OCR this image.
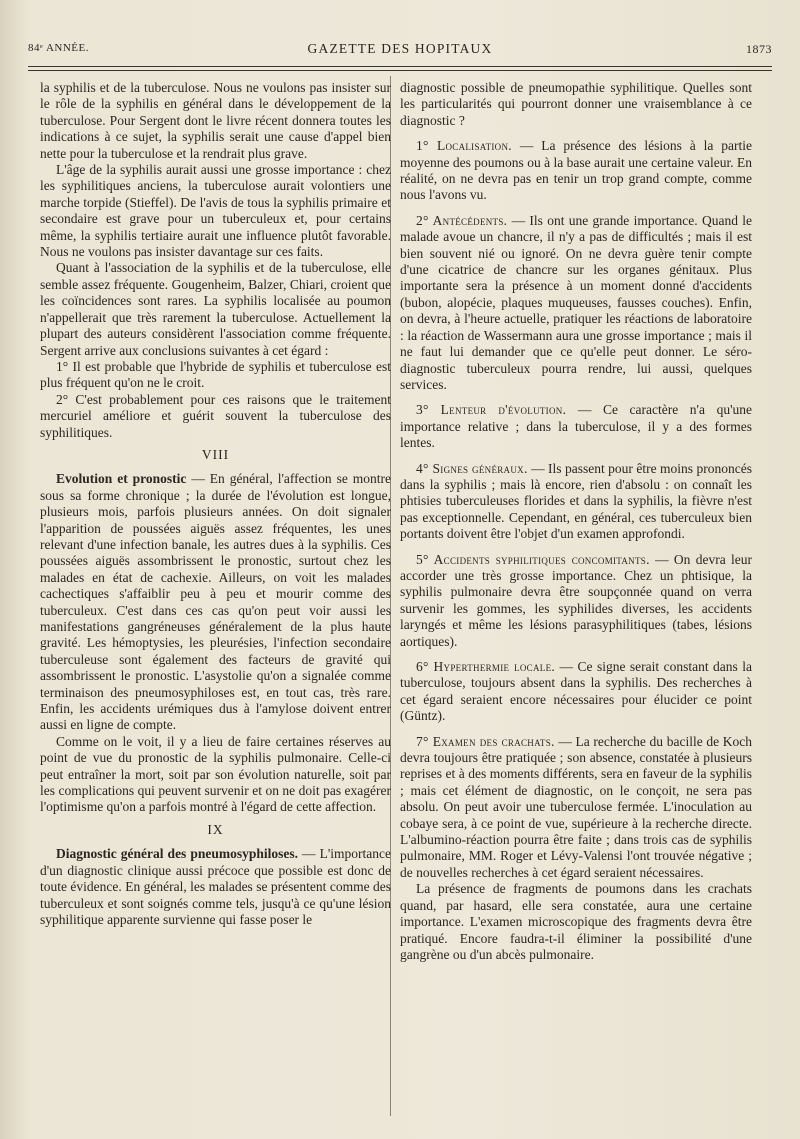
84ᵉ ANNÉE.	GAZETTE DES HOPITAUX	1873

la syphilis et de la tuberculose. Nous ne voulons pas insister sur le rôle de la syphilis en général dans le développement de la tuberculose. Pour Sergent dont le livre récent donnera toutes les indications à ce sujet, la syphilis serait une cause d'appel bien nette pour la tuberculose et la rendrait plus grave.

L'âge de la syphilis aurait aussi une grosse importance : chez les syphilitiques anciens, la tuberculose aurait volontiers une marche torpide (Stieffel). De l'avis de tous la syphilis primaire et secondaire est grave pour un tuberculeux et, pour certains même, la syphilis tertiaire aurait une influence plutôt favorable. Nous ne voulons pas insister davantage sur ces faits.

Quant à l'association de la syphilis et de la tuberculose, elle semble assez fréquente. Gougenheim, Balzer, Chiari, croient que les coïncidences sont rares. La syphilis localisée au poumon n'appellerait que très rarement la tuberculose. Actuellement la plupart des auteurs considèrent l'association comme fréquente. Sergent arrive aux conclusions suivantes à cet égard :

1° Il est probable que l'hybride de syphilis et tuberculose est plus fréquent qu'on ne le croit.

2° C'est probablement pour ces raisons que le traitement mercuriel améliore et guérit souvent la tuberculose des syphilitiques.

VIII

Evolution et pronostic — En général, l'affection se montre sous sa forme chronique ; la durée de l'évolution est longue, plusieurs mois, parfois plusieurs années. On doit signaler l'apparition de poussées aiguës assez fréquentes, les unes relevant d'une infection banale, les autres dues à la syphilis. Ces poussées aiguës assombrissent le pronostic, surtout chez les malades en état de cachexie. Ailleurs, on voit les malades cachectiques s'affaiblir peu à peu et mourir comme des tuberculeux. C'est dans ces cas qu'on peut voir aussi les manifestations gangréneuses généralement de la plus haute gravité. Les hémoptysies, les pleurésies, l'infection secondaire tuberculeuse sont également des facteurs de gravité qui assombrissent le pronostic. L'asystolie qu'on a signalée comme terminaison des pneumosyphiloses est, en tout cas, très rare. Enfin, les accidents urémiques dus à l'amylose doivent entrer aussi en ligne de compte.

Comme on le voit, il y a lieu de faire certaines réserves au point de vue du pronostic de la syphilis pulmonaire. Celle-ci peut entraîner la mort, soit par son évolution naturelle, soit par les complications qui peuvent survenir et on ne doit pas exagérer l'optimisme qu'on a parfois montré à l'égard de cette affection.

IX

Diagnostic général des pneumosyphiloses. — L'importance d'un diagnostic clinique aussi précoce que possible est donc de toute évidence. En général, les malades se présentent comme des tuberculeux et sont soignés comme tels, jusqu'à ce qu'une lésion syphilitique apparente survienne qui fasse poser le

diagnostic possible de pneumopathie syphilitique. Quelles sont les particularités qui pourront donner une vraisemblance à ce diagnostic ?

1° Localisation. — La présence des lésions à la partie moyenne des poumons ou à la base aurait une certaine valeur. En réalité, on ne devra pas en tenir un trop grand compte, comme nous l'avons vu.

2° Antécédents. — Ils ont une grande importance. Quand le malade avoue un chancre, il n'y a pas de difficultés ; mais il est bien souvent nié ou ignoré. On ne devra guère tenir compte d'une cicatrice de chancre sur les organes génitaux. Plus importante sera la présence à un moment donné d'accidents (bubon, alopécie, plaques muqueuses, fausses couches). Enfin, on devra, à l'heure actuelle, pratiquer les réactions de laboratoire : la réaction de Wassermann aura une grosse importance ; mais il ne faut lui demander que ce qu'elle peut donner. Le séro-diagnostic tuberculeux pourra rendre, lui aussi, quelques services.

3° Lenteur d'évolution. — Ce caractère n'a qu'une importance relative ; dans la tuberculose, il y a des formes lentes.

4° Signes généraux. — Ils passent pour être moins prononcés dans la syphilis ; mais là encore, rien d'absolu : on connaît les phtisies tuberculeuses florides et dans la syphilis, la fièvre n'est pas exceptionnelle. Cependant, en général, ces tuberculeux bien portants doivent être l'objet d'un examen approfondi.

5° Accidents syphilitiques concomitants. — On devra leur accorder une très grosse importance. Chez un phtisique, la syphilis pulmonaire devra être soupçonnée quand on verra survenir les gommes, les syphilides diverses, les accidents laryngés et même les lésions parasyphilitiques (tabes, lésions aortiques).

6° Hyperthermie locale. — Ce signe serait constant dans la tuberculose, toujours absent dans la syphilis. Des recherches à cet égard seraient encore nécessaires pour élucider ce point (Güntz).

7° Examen des crachats. — La recherche du bacille de Koch devra toujours être pratiquée ; son absence, constatée à plusieurs reprises et à des moments différents, sera en faveur de la syphilis ; mais cet élément de diagnostic, on le conçoit, ne sera pas absolu. On peut avoir une tuberculose fermée. L'inoculation au cobaye sera, à ce point de vue, supérieure à la recherche directe. L'albumino-réaction pourra être faite ; dans trois cas de syphilis pulmonaire, MM. Roger et Lévy-Valensi l'ont trouvée négative ; de nouvelles recherches à cet égard seraient nécessaires.

La présence de fragments de poumons dans les crachats quand, par hasard, elle sera constatée, aura une certaine importance. L'examen microscopique des fragments devra être pratiqué. Encore faudra-t-il éliminer la possibilité d'une gangrène ou d'un abcès pulmonaire.
